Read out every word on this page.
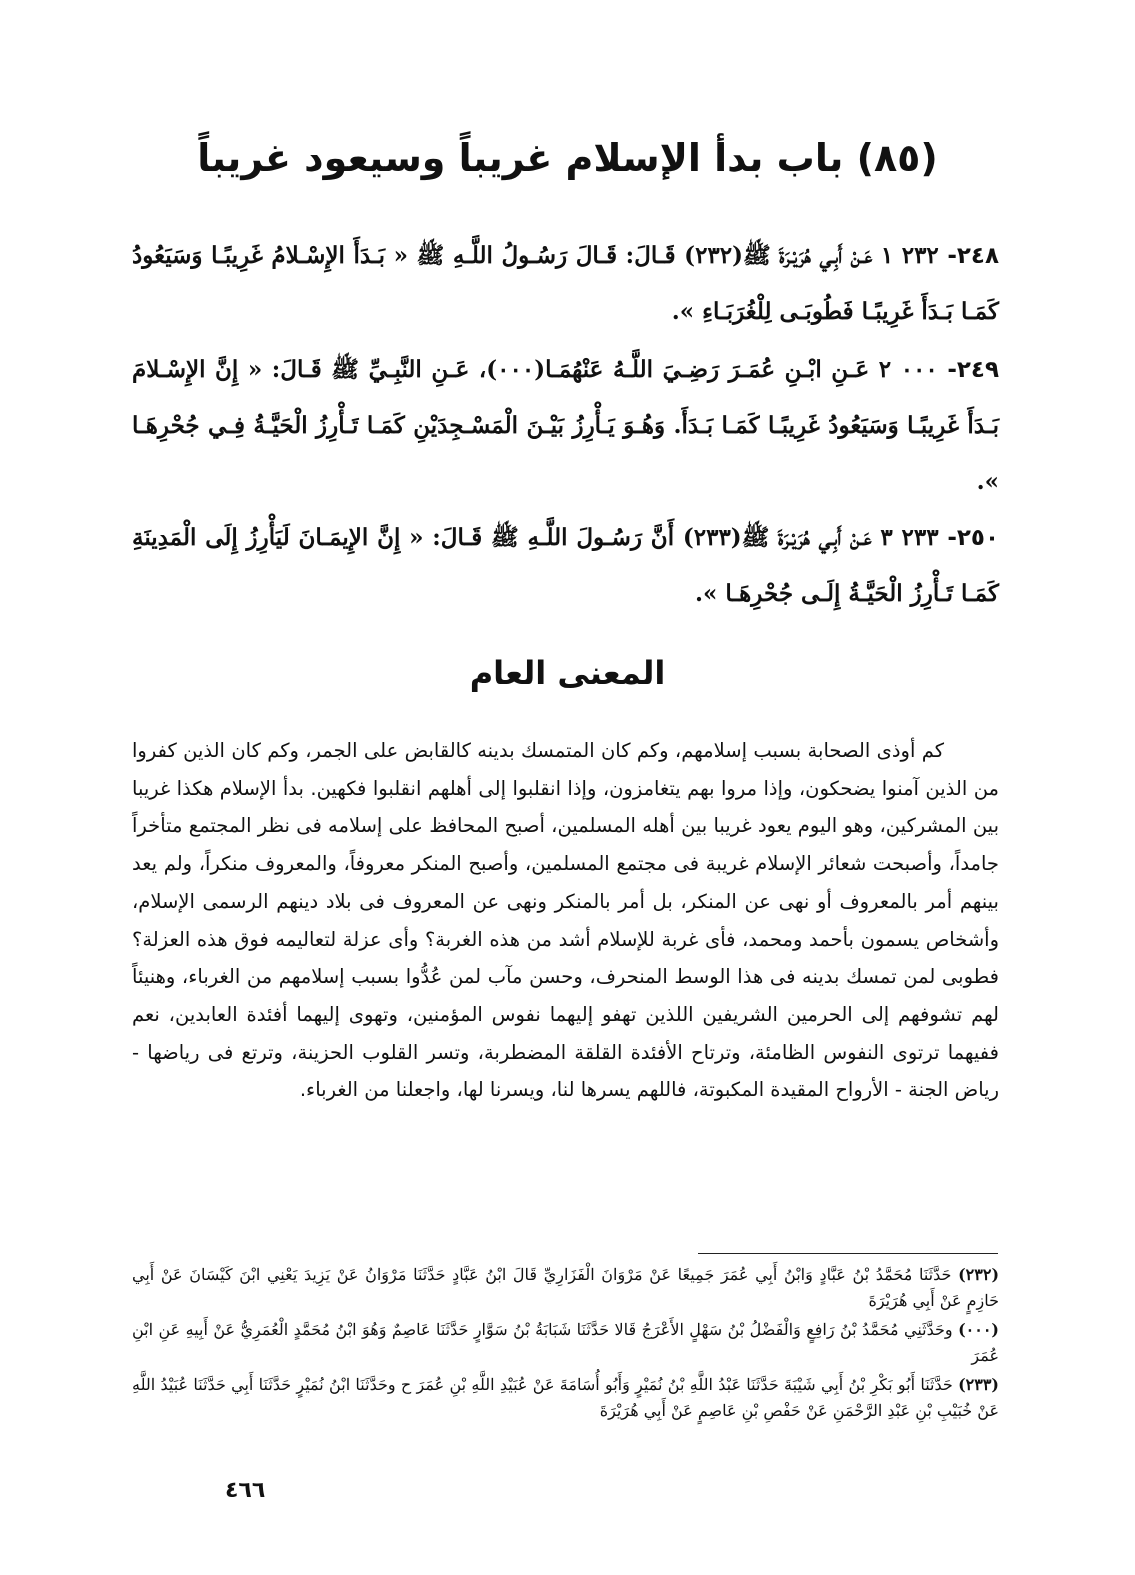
(٨٥) باب بدأ الإسلام غريباً وسيعود غريباً

٢٤٨- ٢٣٢ ١ عَـنْ أَبِـي هُرَيْـرَةَ ﷺ(٢٣٢) قَـالَ: قَـالَ رَسُـولُ اللَّـهِ ﷺ « بَـدَأَ الإِسْـلامُ غَرِيبًـا وَسَيَعُودُ كَمَـا بَـدَأَ غَرِيبًـا فَطُوبَـى لِلْغُرَبَـاءِ ».

٢٤٩- ٠٠٠ ٢ عَـنِ ابْـنِ عُمَـرَ رَضِـيَ اللَّـهُ عَنْهُمَـا(٠٠٠)، عَـنِ النَّبِـيِّ ﷺ قَـالَ: « إِنَّ الإِسْـلامَ بَـدَأَ غَرِيبًـا وَسَيَعُودُ غَرِيبًـا كَمَـا بَـدَأَ. وَهُـوَ يَـأْرِزُ بَيْـنَ الْمَسْـجِدَيْنِ كَمَـا تَـأْرِزُ الْحَيَّـةُ فِـي جُحْرِهَـا ».

٢٥٠- ٢٣٣ ٣ عَـنْ أَبِـي هُرَيْـرَةَ ﷺ(٢٣٣) أَنَّ رَسُـولَ اللَّـهِ ﷺ قَـالَ: « إِنَّ الإِيمَـانَ لَيَأْرِزُ إِلَى الْمَدِينَةِ كَمَـا تَـأْرِزُ الْحَيَّـةُ إِلَـى جُحْرِهَـا ».

المعنى العام

كم أوذى الصحابة بسبب إسلامهم، وكم كان المتمسك بدينه كالقابض على الجمر، وكم كان الذين كفروا من الذين آمنوا يضحكون، وإذا مروا بهم يتغامزون، وإذا انقلبوا إلى أهلهم انقلبوا فكهين. بدأ الإسلام هكذا غريبا بين المشركين، وهو اليوم يعود غريبا بين أهله المسلمين، أصبح المحافظ على إسلامه فى نظر المجتمع متأخراً جامداً، وأصبحت شعائر الإسلام غريبة فى مجتمع المسلمين، وأصبح المنكر معروفاً، والمعروف منكراً، ولم يعد بينهم أمر بالمعروف أو نهى عن المنكر، بل أمر بالمنكر ونهى عن المعروف فى بلاد دينهم الرسمى الإسلام، وأشخاص يسمون بأحمد ومحمد، فأى غربة للإسلام أشد من هذه الغربة؟ وأى عزلة لتعاليمه فوق هذه العزلة؟ فطوبى لمن تمسك بدينه فى هذا الوسط المنحرف، وحسن مآب لمن عُدُّوا بسبب إسلامهم من الغرباء، وهنيئاً لهم تشوفهم إلى الحرمين الشريفين اللذين تهفو إليهما نفوس المؤمنين، وتهوى إليهما أفئدة العابدين، نعم ففيهما ترتوى النفوس الظامئة، وترتاح الأفئدة القلقة المضطربة، وتسر القلوب الحزينة، وترتع فى رياضها - رياض الجنة - الأرواح المقيدة المكبوتة، فاللهم يسرها لنا، ويسرنا لها، واجعلنا من الغرباء.

(٢٣٢) حَدَّثَنَا مُحَمَّدُ بْنُ عَبَّادٍ وَابْنُ أَبِي عُمَرَ جَمِيعًا عَنْ مَرْوَانَ الْفَزَارِيِّ قَالَ ابْنُ عَبَّادٍ حَدَّثَنَا مَرْوَانُ عَنْ يَزِيدَ يَعْنِي ابْنَ كَيْسَانَ عَنْ أَبِي حَازِمٍ عَنْ أَبِي هُرَيْرَةَ

(٠٠٠) وحَدَّثَنِي مُحَمَّدُ بْنُ رَافِعٍ وَالْفَضْلُ بْنُ سَهْلٍ الأَعْرَجُ قَالا حَدَّثَنَا شَبَابَةُ بْنُ سَوَّارٍ حَدَّثَنَا عَاصِمٌ وَهُوَ ابْنُ مُحَمَّدٍ الْعُمَرِيُّ عَنْ أَبِيهِ عَنِ ابْنِ عُمَرَ

(٢٣٣) حَدَّثَنَا أَبُو بَكْرِ بْنُ أَبِي شَيْبَةَ حَدَّثَنَا عَبْدُ اللَّهِ بْنُ نُمَيْرٍ وَأَبُو أُسَامَةَ عَنْ عُبَيْدِ اللَّهِ بْنِ عُمَرَ ح وحَدَّثَنَا ابْنُ نُمَيْرٍ حَدَّثَنَا أَبِي حَدَّثَنَا عُبَيْدُ اللَّهِ عَنْ خُبَيْبِ بْنِ عَبْدِ الرَّحْمَنِ عَنْ حَفْصِ بْنِ عَاصِمٍ عَنْ أَبِي هُرَيْرَةَ

٤٦٦
